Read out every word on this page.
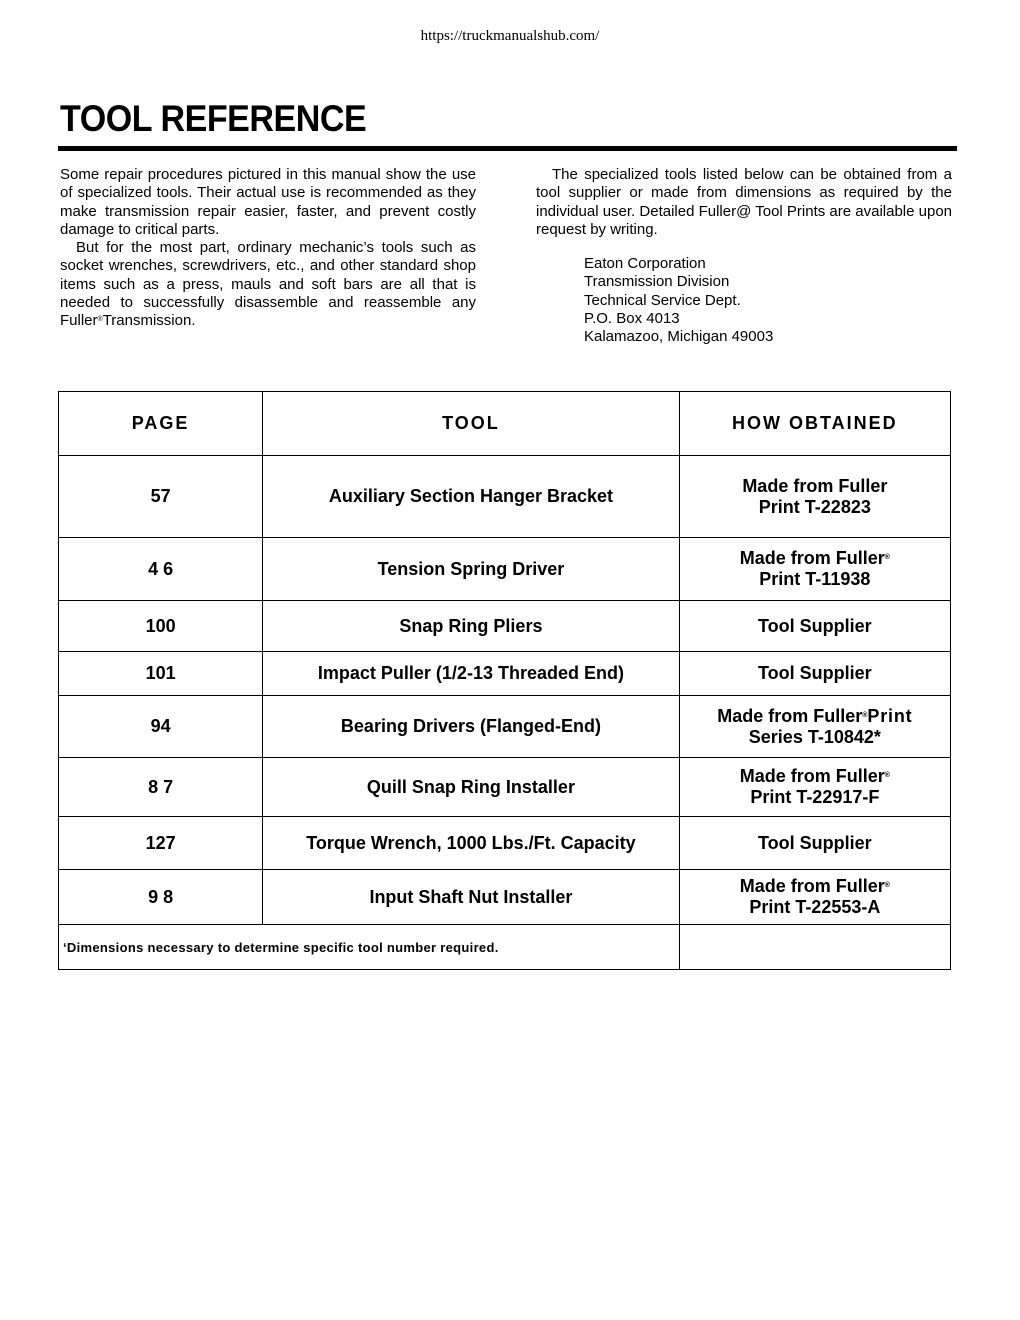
https://truckmanualshub.com/
TOOL REFERENCE

Some repair procedures pictured in this manual show the use of specialized tools. Their actual use is recommended as they make transmission repair easier, faster, and prevent costly damage to critical parts.

But for the most part, ordinary mechanic’s tools such as socket wrenches, screwdrivers, etc., and other standard shop items such as a press, mauls and soft bars are all that is needed to successfully disassemble and reassemble any Fuller®Transmission.

The specialized tools listed below can be obtained from a tool supplier or made from dimensions as required by the individual user. Detailed Fuller@ Tool Prints are available upon request by writing.

Eaton Corporation
Transmission Division
Technical Service Dept.
P.O. Box 4013
Kalamazoo, Michigan 49003
PAGE	TOOL	HOW OBTAINED
57	Auxiliary Section Hanger Bracket	Made from Fuller
Print T-22823

4 6	Tension Spring Driver	Made from Fuller®
Print T-11938

100	Snap Ring Pliers	Tool Supplier
101	Impact Puller (1/2-13 Threaded End)	Tool Supplier
94	Bearing Drivers (Flanged-End)	Made from Fuller®Print
Series T-10842*

8 7	Quill Snap Ring Installer	Made from Fuller®
Print T-22917-F

127	Torque Wrench, 1000 Lbs./Ft. Capacity	Tool Supplier
9 8	Input Shaft Nut Installer	Made from Fuller®
Print T-22553-A

‘Dimensions necessary to determine specific tool number required.		
